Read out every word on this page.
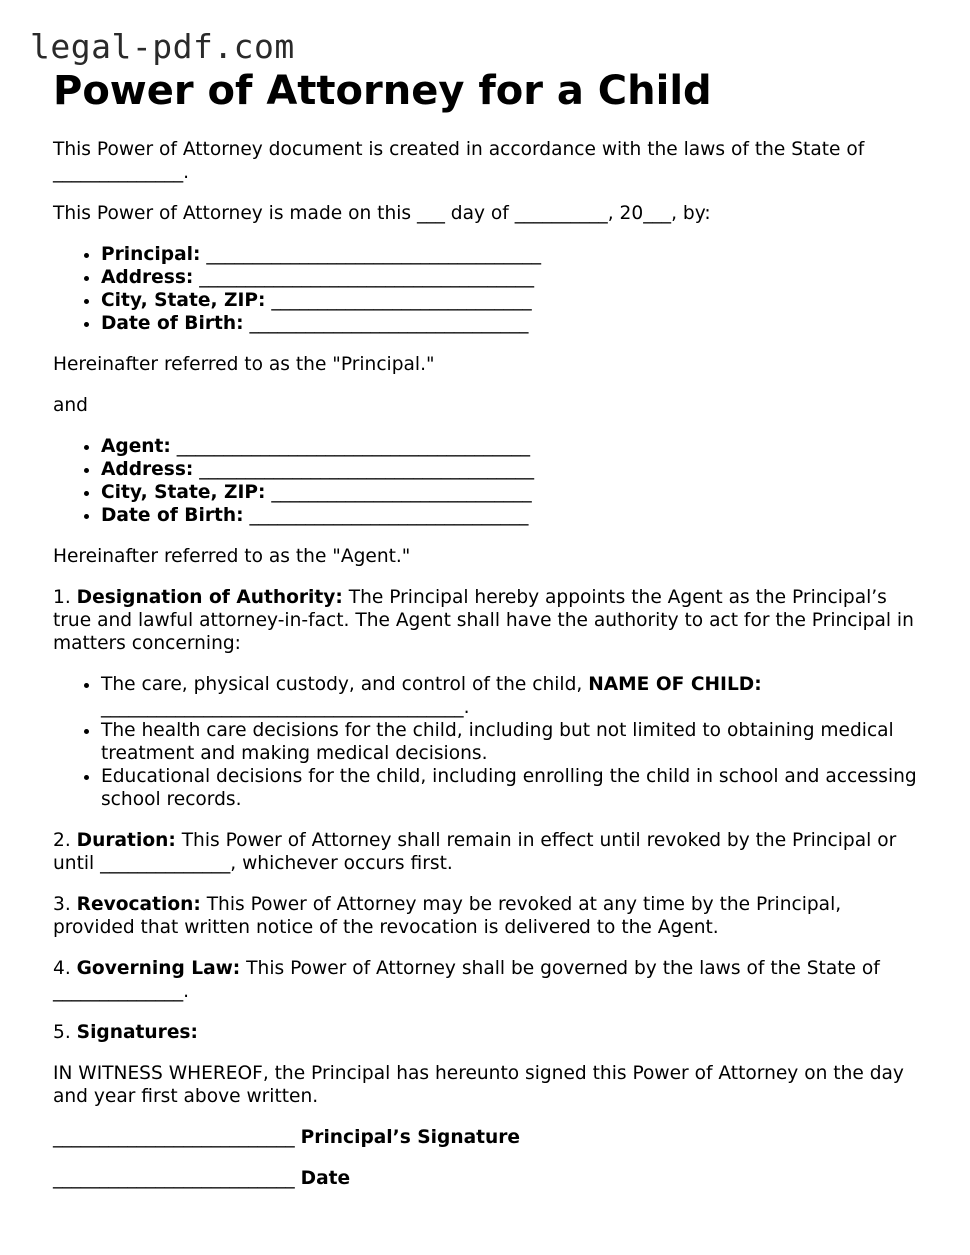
legal-pdf.com
Power of Attorney for a Child

This Power of Attorney document is created in accordance with the laws of the State of
______________.

This Power of Attorney is made on this ___ day of __________, 20___, by:

• Principal: ____________________________________
• Address: ____________________________________
• City, State, ZIP: ____________________________
• Date of Birth: ______________________________

Hereinafter referred to as the "Principal."

and

• Agent: ______________________________________
• Address: ____________________________________
• City, State, ZIP: ____________________________
• Date of Birth: ______________________________

Hereinafter referred to as the "Agent."

1. Designation of Authority: The Principal hereby appoints the Agent as the Principal’s true and lawful attorney-in-fact. The Agent shall have the authority to act for the Principal in matters concerning:

• The care, physical custody, and control of the child, NAME OF CHILD:
_______________________________________.
• The health care decisions for the child, including but not limited to obtaining medical treatment and making medical decisions.
• Educational decisions for the child, including enrolling the child in school and accessing school records.

2. Duration: This Power of Attorney shall remain in effect until revoked by the Principal or until ______________, whichever occurs first.

3. Revocation: This Power of Attorney may be revoked at any time by the Principal, provided that written notice of the revocation is delivered to the Agent.

4. Governing Law: This Power of Attorney shall be governed by the laws of the State of ______________.

5. Signatures:

IN WITNESS WHEREOF, the Principal has hereunto signed this Power of Attorney on the day and year first above written.

__________________________ Principal’s Signature

__________________________ Date
